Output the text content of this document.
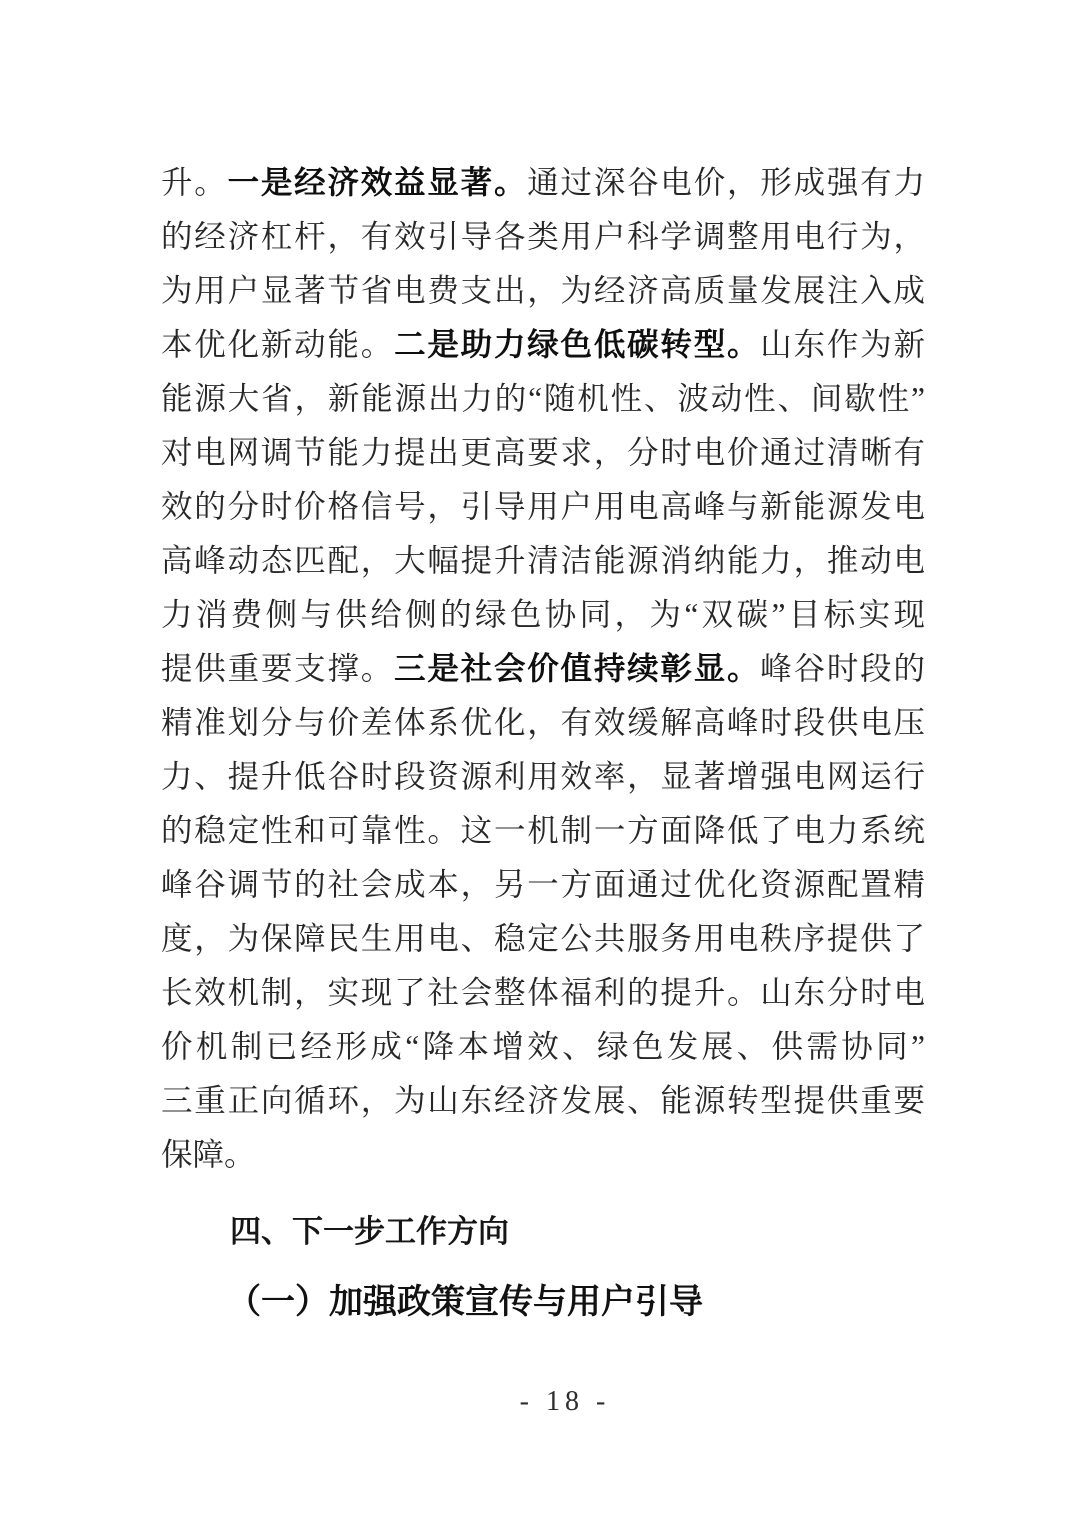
升。一是经济效益显著。通过深谷电价，形成强有力
的经济杠杆，有效引导各类用户科学调整用电行为，
为用户显著节省电费支出，为经济高质量发展注入成
本优化新动能。二是助力绿色低碳转型。山东作为新
能源大省，新能源出力的“随机性、波动性、间歇性”
对电网调节能力提出更高要求，分时电价通过清晰有
效的分时价格信号，引导用户用电高峰与新能源发电
高峰动态匹配，大幅提升清洁能源消纳能力，推动电
力消费侧与供给侧的绿色协同，为“双碳”目标实现
提供重要支撑。三是社会价值持续彰显。峰谷时段的
精准划分与价差体系优化，有效缓解高峰时段供电压
力、提升低谷时段资源利用效率，显著增强电网运行
的稳定性和可靠性。这一机制一方面降低了电力系统
峰谷调节的社会成本，另一方面通过优化资源配置精
度，为保障民生用电、稳定公共服务用电秩序提供了
长效机制，实现了社会整体福利的提升。山东分时电
价机制已经形成“降本增效、绿色发展、供需协同”
三重正向循环，为山东经济发展、能源转型提供重要
保障。
四、下一步工作方向
（一）加强政策宣传与用户引导
- 18 -
